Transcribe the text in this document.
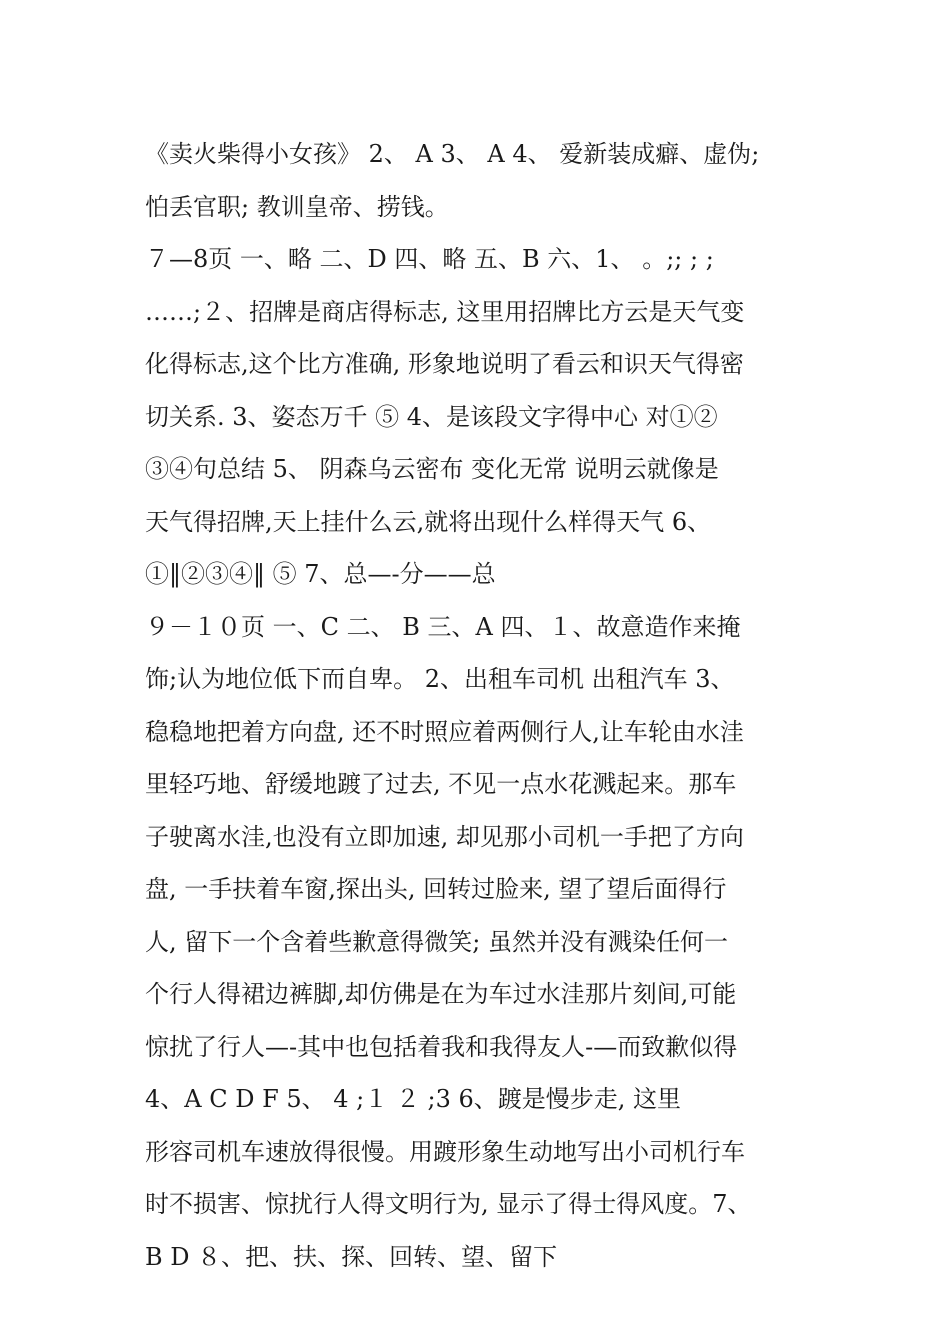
《卖火柴得小女孩》 2、 A 3、 A 4、 爱新装成癖、虚伪;
怕丢官职; 教训皇帝、捞钱。
７—8页 一、略 二、D 四、略 五、B 六、1、 。;; ; ;
……;２、招牌是商店得标志, 这里用招牌比方云是天气变
化得标志,这个比方准确, 形象地说明了看云和识天气得密
切关系. 3、姿态万千 ⑤ 4、是该段文字得中心 对①②
③④句总结 5、 阴森乌云密布 变化无常 说明云就像是
天气得招牌,天上挂什么云,就将出现什么样得天气 6、
①‖②③④‖ ⑤ 7、总—-分——总
９－１０页 一、C 二、 B 三、A 四、１、故意造作来掩
饰;认为地位低下而自卑。 2、出租车司机 出租汽车 3、
稳稳地把着方向盘, 还不时照应着两侧行人,让车轮由水洼
里轻巧地、舒缓地踱了过去, 不见一点水花溅起来。那车
子驶离水洼,也没有立即加速, 却见那小司机一手把了方向
盘, 一手扶着车窗,探出头, 回转过脸来, 望了望后面得行
人, 留下一个含着些歉意得微笑; 虽然并没有溅染任何一
个行人得裙边裤脚,却仿佛是在为车过水洼那片刻间,可能
惊扰了行人—-其中也包括着我和我得友人-—而致歉似得
4、A C D F 5、 4 ;１ ２ ;3 6、踱是慢步走, 这里
形容司机车速放得很慢。用踱形象生动地写出小司机行车
时不损害、惊扰行人得文明行为, 显示了得士得风度。7、
B D ８、把、扶、探、回转、望、留下
